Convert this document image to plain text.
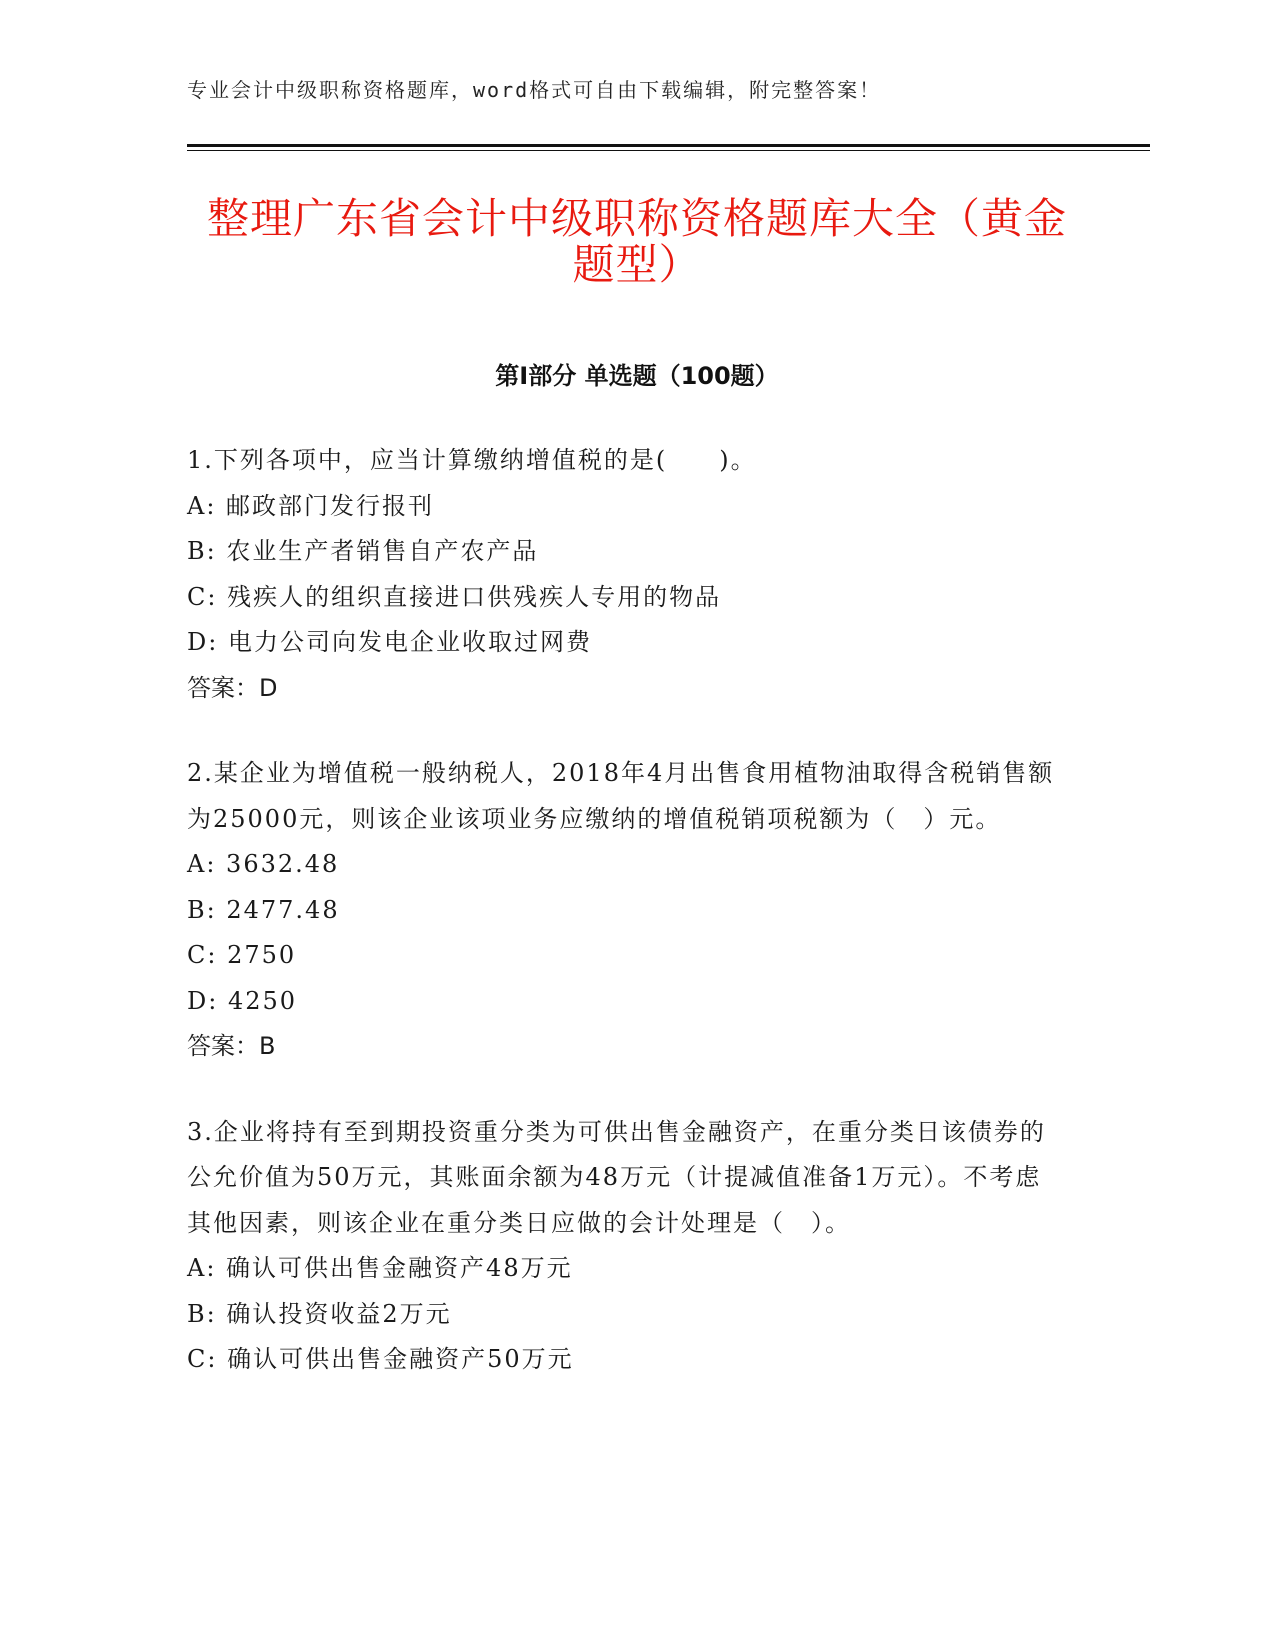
专业会计中级职称资格题库，word格式可自由下载编辑，附完整答案！
整理广东省会计中级职称资格题库大全（黄金题型）
第Ⅰ部分 单选题（100题）

1.下列各项中，应当计算缴纳增值税的是(　　)。

A: 邮政部门发行报刊

B: 农业生产者销售自产农产品

C: 残疾人的组织直接进口供残疾人专用的物品

D: 电力公司向发电企业收取过网费

答案：D

2.某企业为增值税一般纳税人，2018年4月出售食用植物油取得含税销售额为25000元，则该企业该项业务应缴纳的增值税销项税额为（　）元。

A: 3632.48

B: 2477.48

C: 2750

D: 4250

答案：B

3.企业将持有至到期投资重分类为可供出售金融资产，在重分类日该债券的公允价值为50万元，其账面余额为48万元（计提减值准备1万元）。不考虑其他因素，则该企业在重分类日应做的会计处理是（　）。

A: 确认可供出售金融资产48万元

B: 确认投资收益2万元

C: 确认可供出售金融资产50万元
